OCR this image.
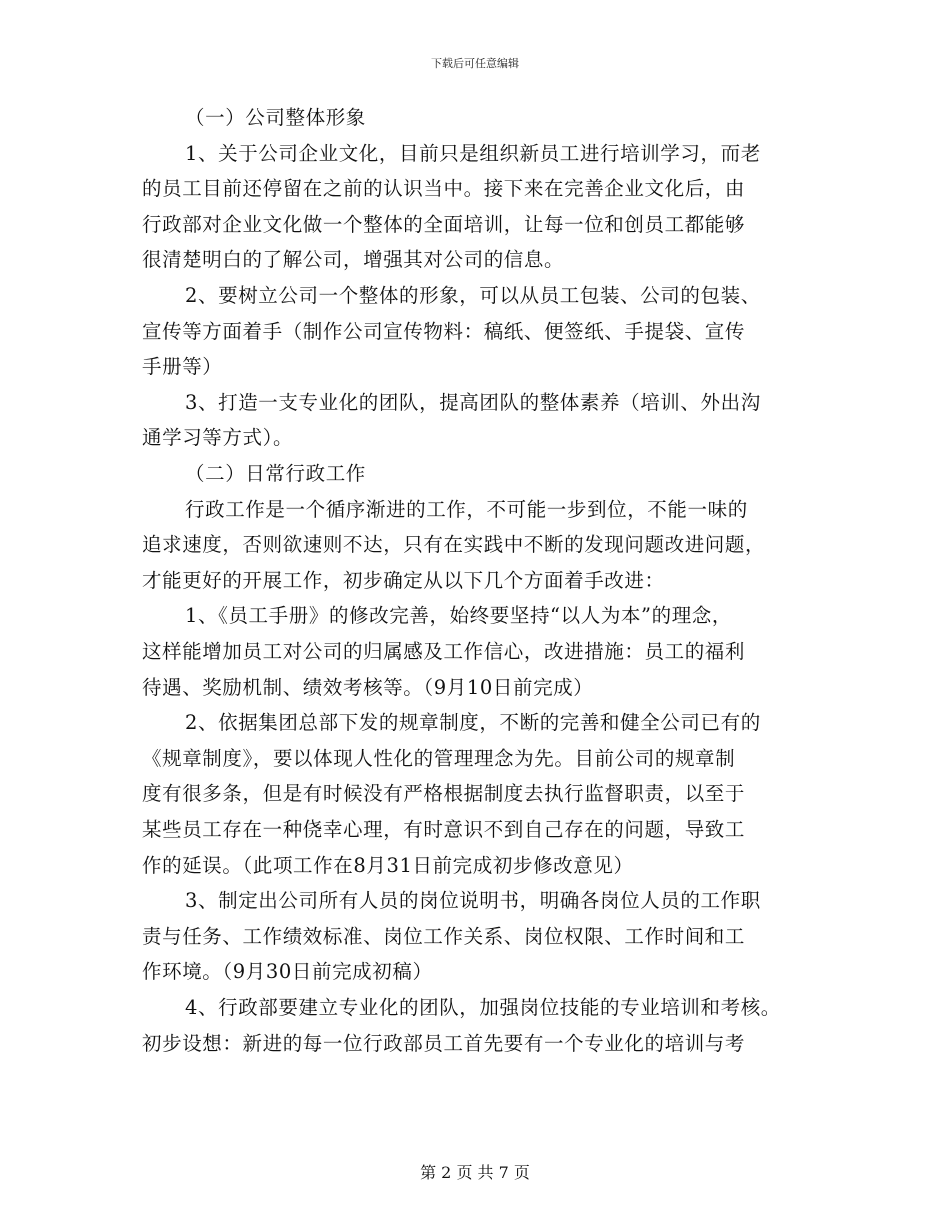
下载后可任意编辑
（一）公司整体形象
1、关于公司企业文化，目前只是组织新员工进行培训学习，而老
的员工目前还停留在之前的认识当中。接下来在完善企业文化后，由
行政部对企业文化做一个整体的全面培训，让每一位和创员工都能够
很清楚明白的了解公司，增强其对公司的信息。
2、要树立公司一个整体的形象，可以从员工包装、公司的包装、
宣传等方面着手（制作公司宣传物料：稿纸、便签纸、手提袋、宣传
手册等）
3、打造一支专业化的团队，提高团队的整体素养（培训、外出沟
通学习等方式）。
（二）日常行政工作
行政工作是一个循序渐进的工作，不可能一步到位，不能一味的
追求速度，否则欲速则不达，只有在实践中不断的发现问题改进问题，
才能更好的开展工作，初步确定从以下几个方面着手改进：
1、《员工手册》的修改完善，始终要坚持“以人为本”的理念，
这样能增加员工对公司的归属感及工作信心，改进措施：员工的福利
待遇、奖励机制、绩效考核等。（9月10日前完成）
2、依据集团总部下发的规章制度，不断的完善和健全公司已有的
《规章制度》，要以体现人性化的管理理念为先。目前公司的规章制
度有很多条，但是有时候没有严格根据制度去执行监督职责，以至于
某些员工存在一种侥幸心理，有时意识不到自己存在的问题，导致工
作的延误。（此项工作在8月31日前完成初步修改意见）
3、制定出公司所有人员的岗位说明书，明确各岗位人员的工作职
责与任务、工作绩效标准、岗位工作关系、岗位权限、工作时间和工
作环境。（9月30日前完成初稿）
4、行政部要建立专业化的团队，加强岗位技能的专业培训和考核。
初步设想：新进的每一位行政部员工首先要有一个专业化的培训与考
第 2 页 共 7 页
